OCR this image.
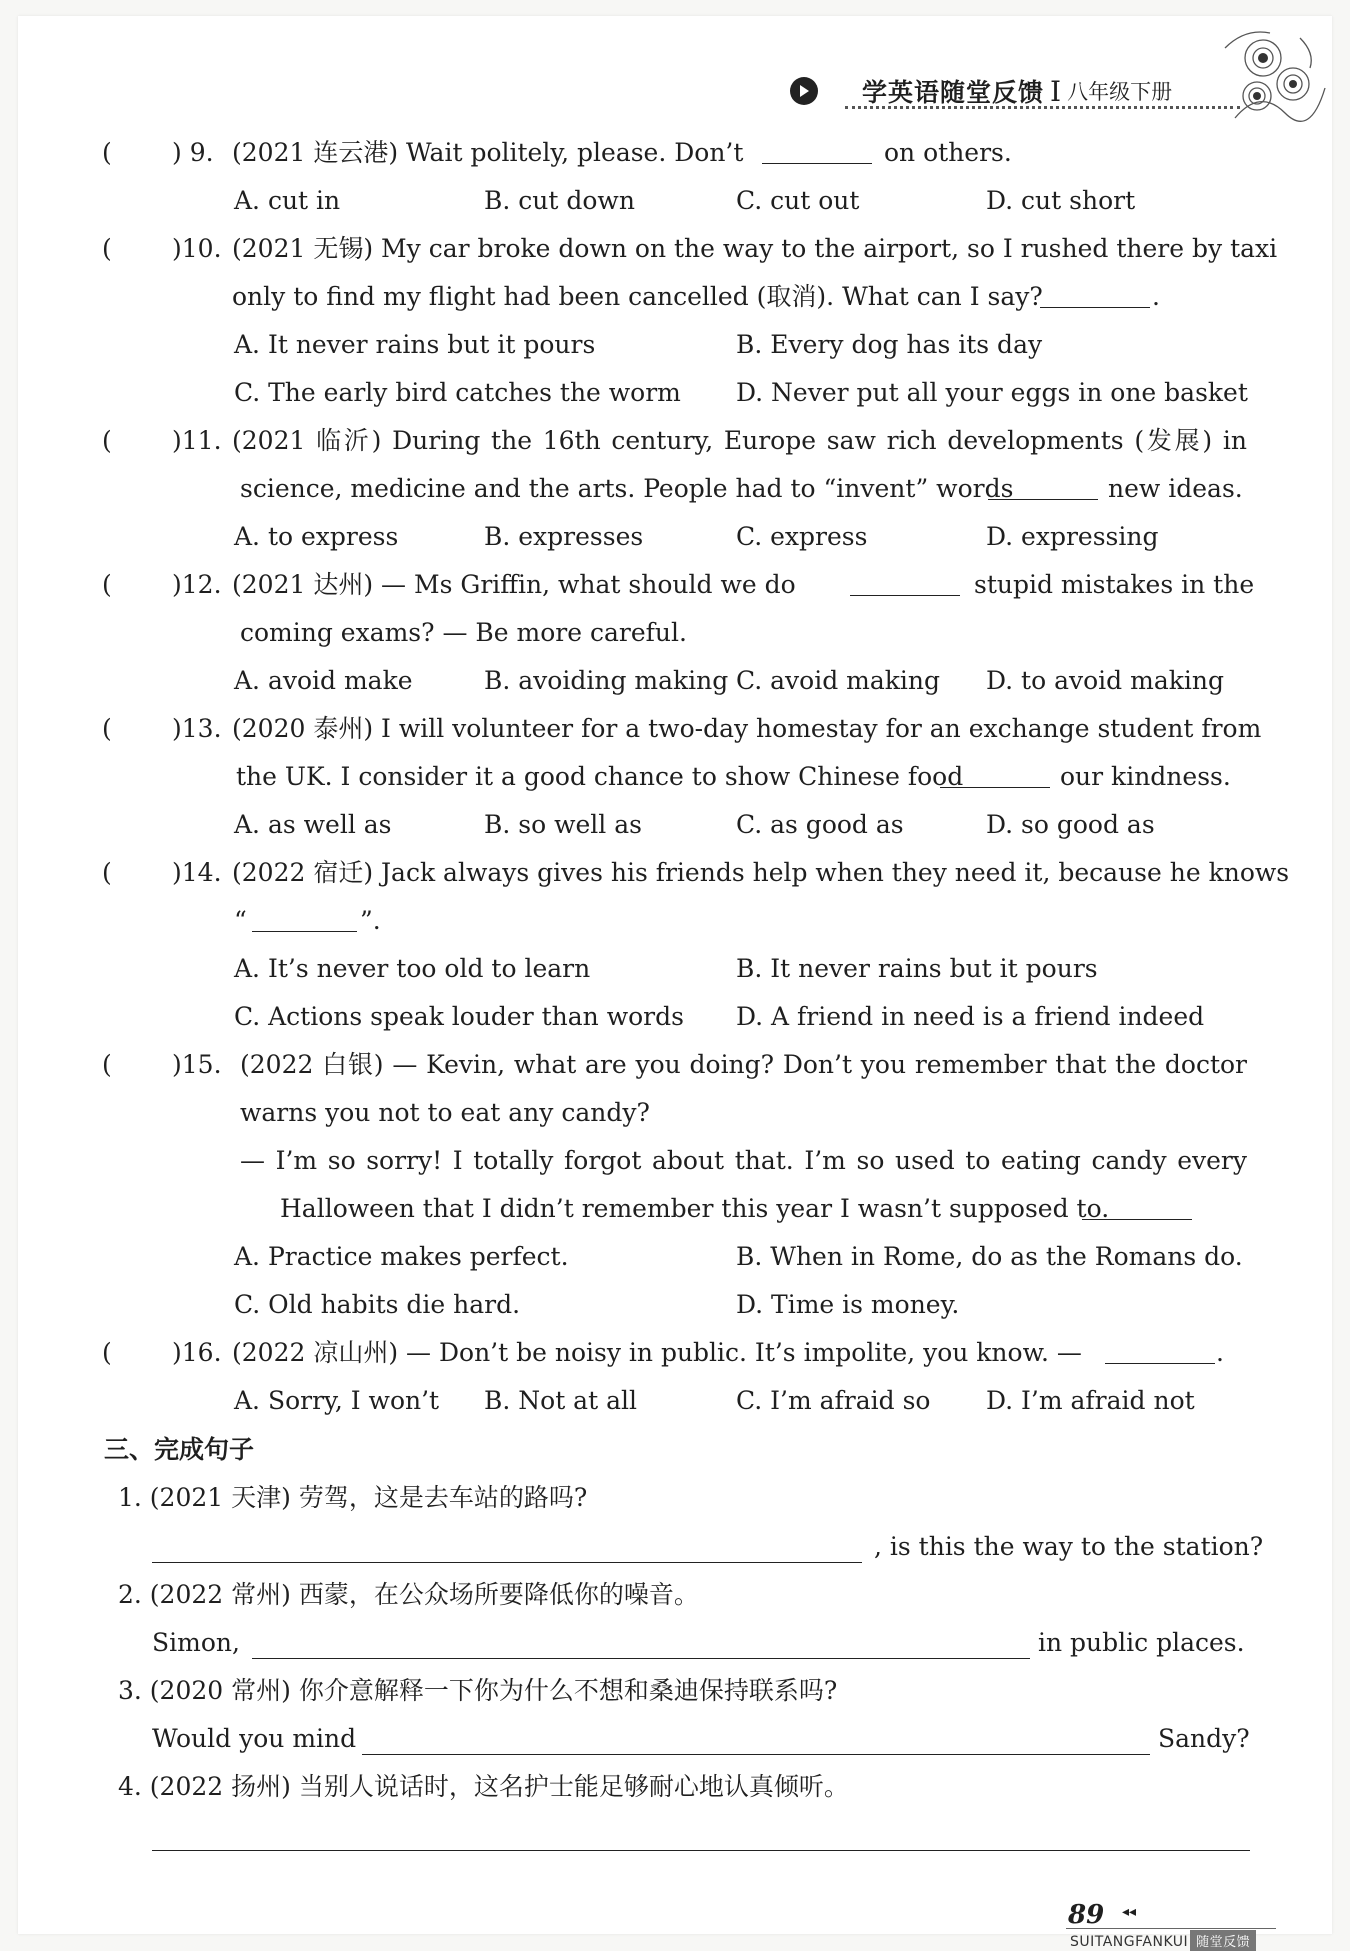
学英语随堂反馈 I 八年级下册
( ) 9. (2021 连云港) Wait politely, please. Don’t	on others.
A. cut in	B. cut down	C. cut out	D. cut short
( )10. (2021 无锡) My car broke down on the way to the airport, so I rushed there by taxi
only to find my flight had been cancelled (取消). What can I say?	.
A. It never rains but it pours	B. Every dog has its day
C. The early bird catches the worm D. Never put all your eggs in one basket
( )11. (2021 临沂) During the 16th century, Europe saw rich developments (发展) in
science, medicine and the arts. People had to “invent” words	new ideas.
A. to express	B. expresses	C. express	D. expressing
( )12. (2021 达州) — Ms Griffin, what should we do	stupid mistakes in the
coming exams? — Be more careful.
A. avoid make	B. avoiding making C. avoid making D. to avoid making
( )13. (2020 泰州) I will volunteer for a two-day homestay for an exchange student from
the UK. I consider it a good chance to show Chinese food	our kindness.
A. as well as	B. so well as	C. as good as	D. so good as
( )14. (2022 宿迁) Jack always gives his friends help when they need it, because he knows
“	”.
A. It’s never too old to learn	B. It never rains but it pours
C. Actions speak louder than words D. A friend in need is a friend indeed
( )15. (2022 白银) — Kevin, what are you doing? Don’t you remember that the doctor
warns you not to eat any candy?
— I’m so sorry! I totally forgot about that. I’m so used to eating candy every
Halloween that I didn’t remember this year I wasn’t supposed to.
A. Practice makes perfect.	B. When in Rome, do as the Romans do.
C. Old habits die hard.	D. Time is money.
( )16. (2022 凉山州) — Don’t be noisy in public. It’s impolite, you know. —	.
A. Sorry, I won’t B. Not at all	C. I’m afraid so D. I’m afraid not
三、完成句子
1. (2021 天津) 劳驾，这是去车站的路吗?
, is this the way to the station?
2. (2022 常州) 西蒙，在公众场所要降低你的噪音。
Simon,	in public places.
3. (2020 常州) 你介意解释一下你为什么不想和桑迪保持联系吗?
Would you mind	Sandy?
4. (2022 扬州) 当别人说话时，这名护士能足够耐心地认真倾听。
89 ◂◂
SUITANGFANKUI 随堂反馈
